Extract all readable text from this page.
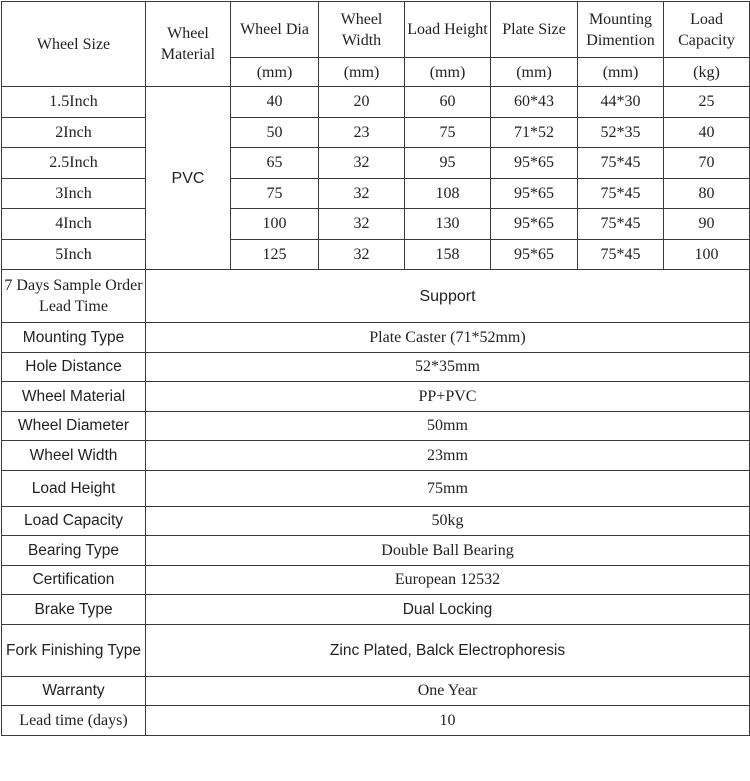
Wheel Size	Wheel Material	Wheel Dia	Wheel Width	Load Height	Plate Size	Mounting Dimention	Load Capacity
		(mm)	(mm)	(mm)	(mm)	(mm)	(kg)
1.5Inch	PVC	40	20	60	60*43	44*30	25
2Inch		50	23	75	71*52	52*35	40
2.5Inch		65	32	95	95*65	75*45	70
3Inch		75	32	108	95*65	75*45	80
4Inch		100	32	130	95*65	75*45	90
5Inch		125	32	158	95*65	75*45	100
7 Days Sample Order Lead Time	Support						
Mounting Type	Plate Caster (71*52mm)						
Hole Distance	52*35mm						
Wheel Material	PP+PVC						
Wheel Diameter	50mm						
Wheel Width	23mm						
Load Height	75mm						
Load Capacity	50kg						
Bearing Type	Double Ball Bearing						
Certification	European 12532						
Brake Type	Dual Locking						
Fork Finishing Type	Zinc Plated, Balck Electrophoresis						
Warranty	One Year						
Lead time (days)	10						
